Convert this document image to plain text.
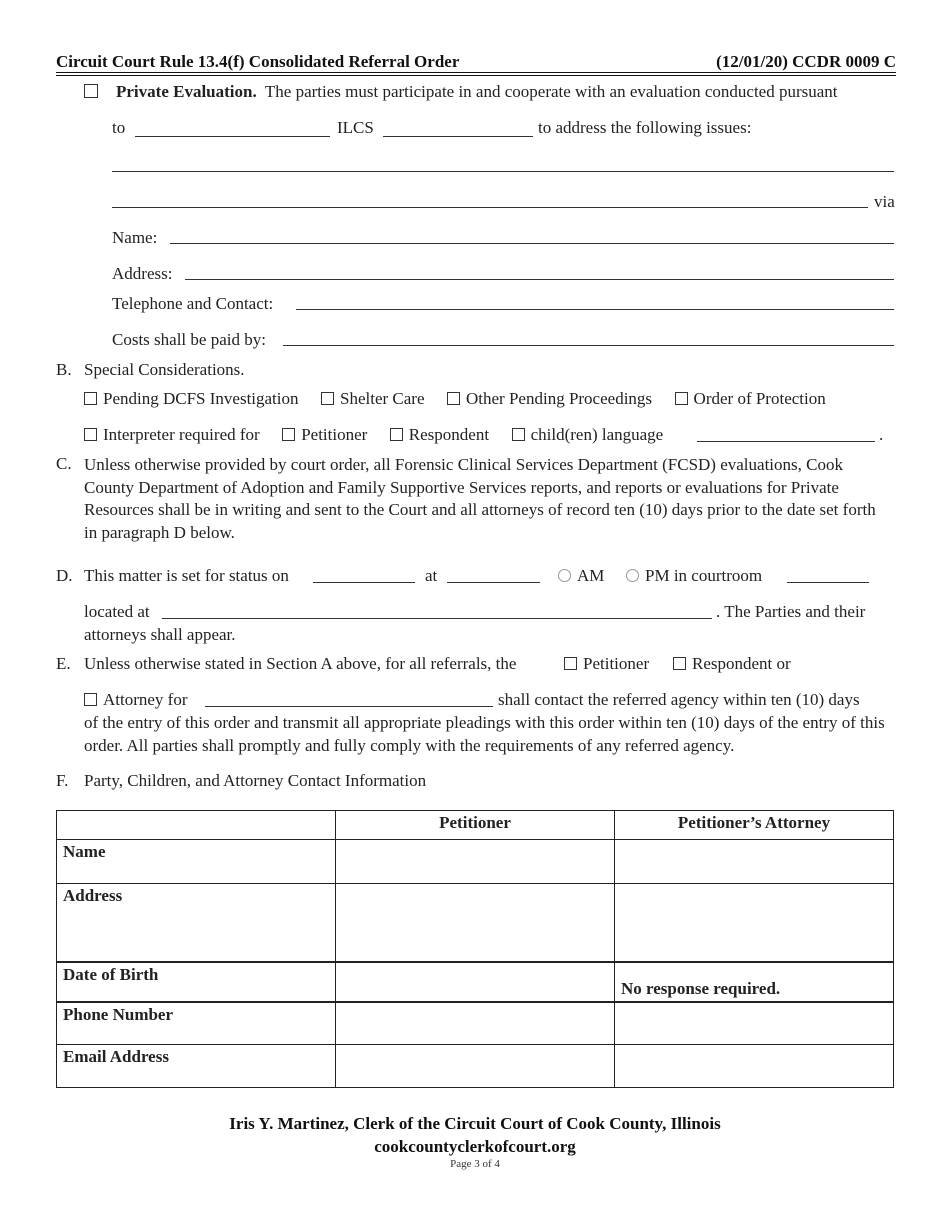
Circuit Court Rule 13.4(f) Consolidated Referral Order	(12/01/20) CCDR 0009 C
Private Evaluation. The parties must participate in and cooperate with an evaluation conducted pursuant
to	ILCS	to address the following issues:
via
Name:
Address:
Telephone and Contact:
Costs shall be paid by:
B. Special Considerations.
Pending DCFS Investigation Shelter Care Other Pending Proceedings Order of Protection
Interpreter required for Petitioner Respondent child(ren) language	.
C. Unless otherwise provided by court order, all Forensic Clinical Services Department (FCSD) evaluations, Cook County Department of Adoption and Family Supportive Services reports, and reports or evaluations for Private Resources shall be in writing and sent to the Court and all attorneys of record ten (10) days prior to the date set forth in paragraph D below.
D. This matter is set for status on	at	AM	PM in courtroom
located at	. The Parties and their
attorneys shall appear.
E. Unless otherwise stated in Section A above, for all referrals, the	Petitioner	Respondent or
Attorney for	shall contact the referred agency within ten (10) days
of the entry of this order and transmit all appropriate pleadings with this order within ten (10) days of the entry of this order. All parties shall promptly and fully comply with the requirements of any referred agency.
F. Party, Children, and Attorney Contact Information
	Petitioner	Petitioner’s Attorney
Name		
Address		
Date of Birth		No response required.
Phone Number		
Email Address		
Iris Y. Martinez, Clerk of the Circuit Court of Cook County, Illinois
cookcountyclerkofcourt.org
Page 3 of 4
